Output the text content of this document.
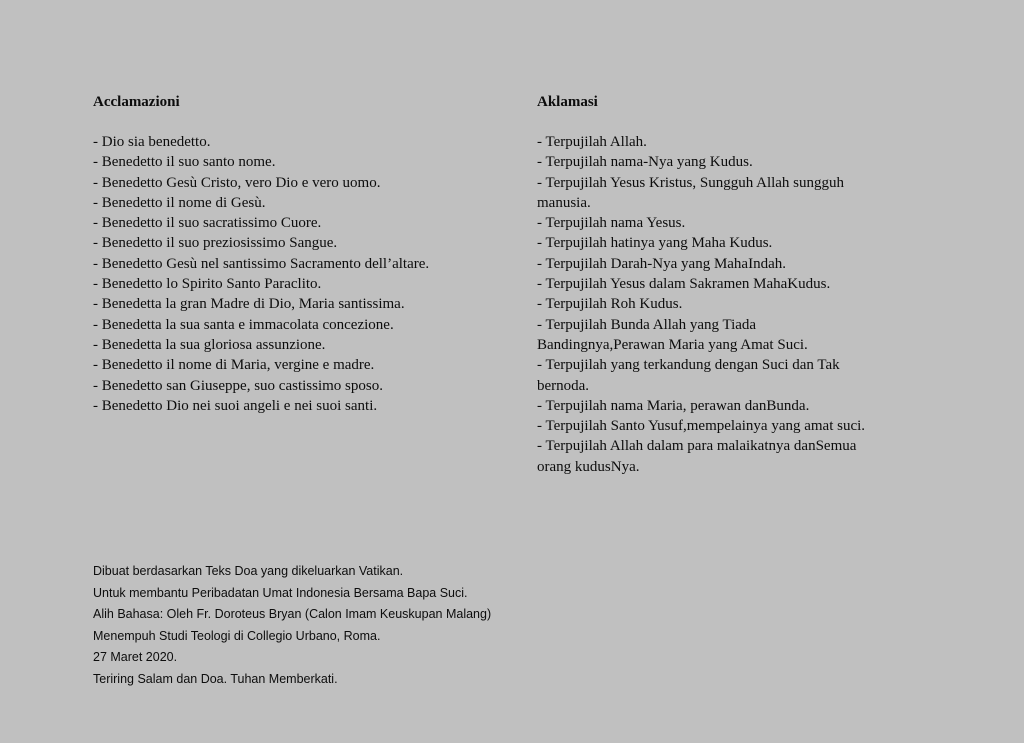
Acclamazioni
- Dio sia benedetto.
- Benedetto il suo santo nome.
- Benedetto Gesù Cristo, vero Dio e vero uomo.
- Benedetto il nome di Gesù.
- Benedetto il suo sacratissimo Cuore.
- Benedetto il suo preziosissimo Sangue.
- Benedetto Gesù nel santissimo Sacramento dell’altare.
- Benedetto lo Spirito Santo Paraclito.
- Benedetta la gran Madre di Dio, Maria santissima.
- Benedetta la sua santa e immacolata concezione.
- Benedetta la sua gloriosa assunzione.
- Benedetto il nome di Maria, vergine e madre.
- Benedetto san Giuseppe, suo castissimo sposo.
- Benedetto Dio nei suoi angeli e nei suoi santi.
Aklamasi
- Terpujilah Allah.
- Terpujilah nama-Nya yang Kudus.
- Terpujilah Yesus Kristus, Sungguh Allah sungguh
manusia.
- Terpujilah nama Yesus.
- Terpujilah hatinya yang Maha Kudus.
- Terpujilah Darah-Nya yang MahaIndah.
- Terpujilah Yesus dalam Sakramen MahaKudus.
- Terpujilah Roh Kudus.
- Terpujilah Bunda Allah yang Tiada
Bandingnya,Perawan Maria yang Amat Suci.
- Terpujilah yang terkandung dengan Suci dan Tak
bernoda.
- Terpujilah nama Maria, perawan danBunda.
- Terpujilah Santo Yusuf,mempelainya yang amat suci.
- Terpujilah Allah dalam para malaikatnya danSemua
orang kudusNya.
Dibuat berdasarkan Teks Doa yang dikeluarkan Vatikan.
Untuk membantu Peribadatan Umat Indonesia Bersama Bapa Suci.
Alih Bahasa: Oleh Fr. Doroteus Bryan (Calon Imam Keuskupan Malang)
Menempuh Studi Teologi di Collegio Urbano, Roma.
27 Maret 2020.
Teriring Salam dan Doa. Tuhan Memberkati.
